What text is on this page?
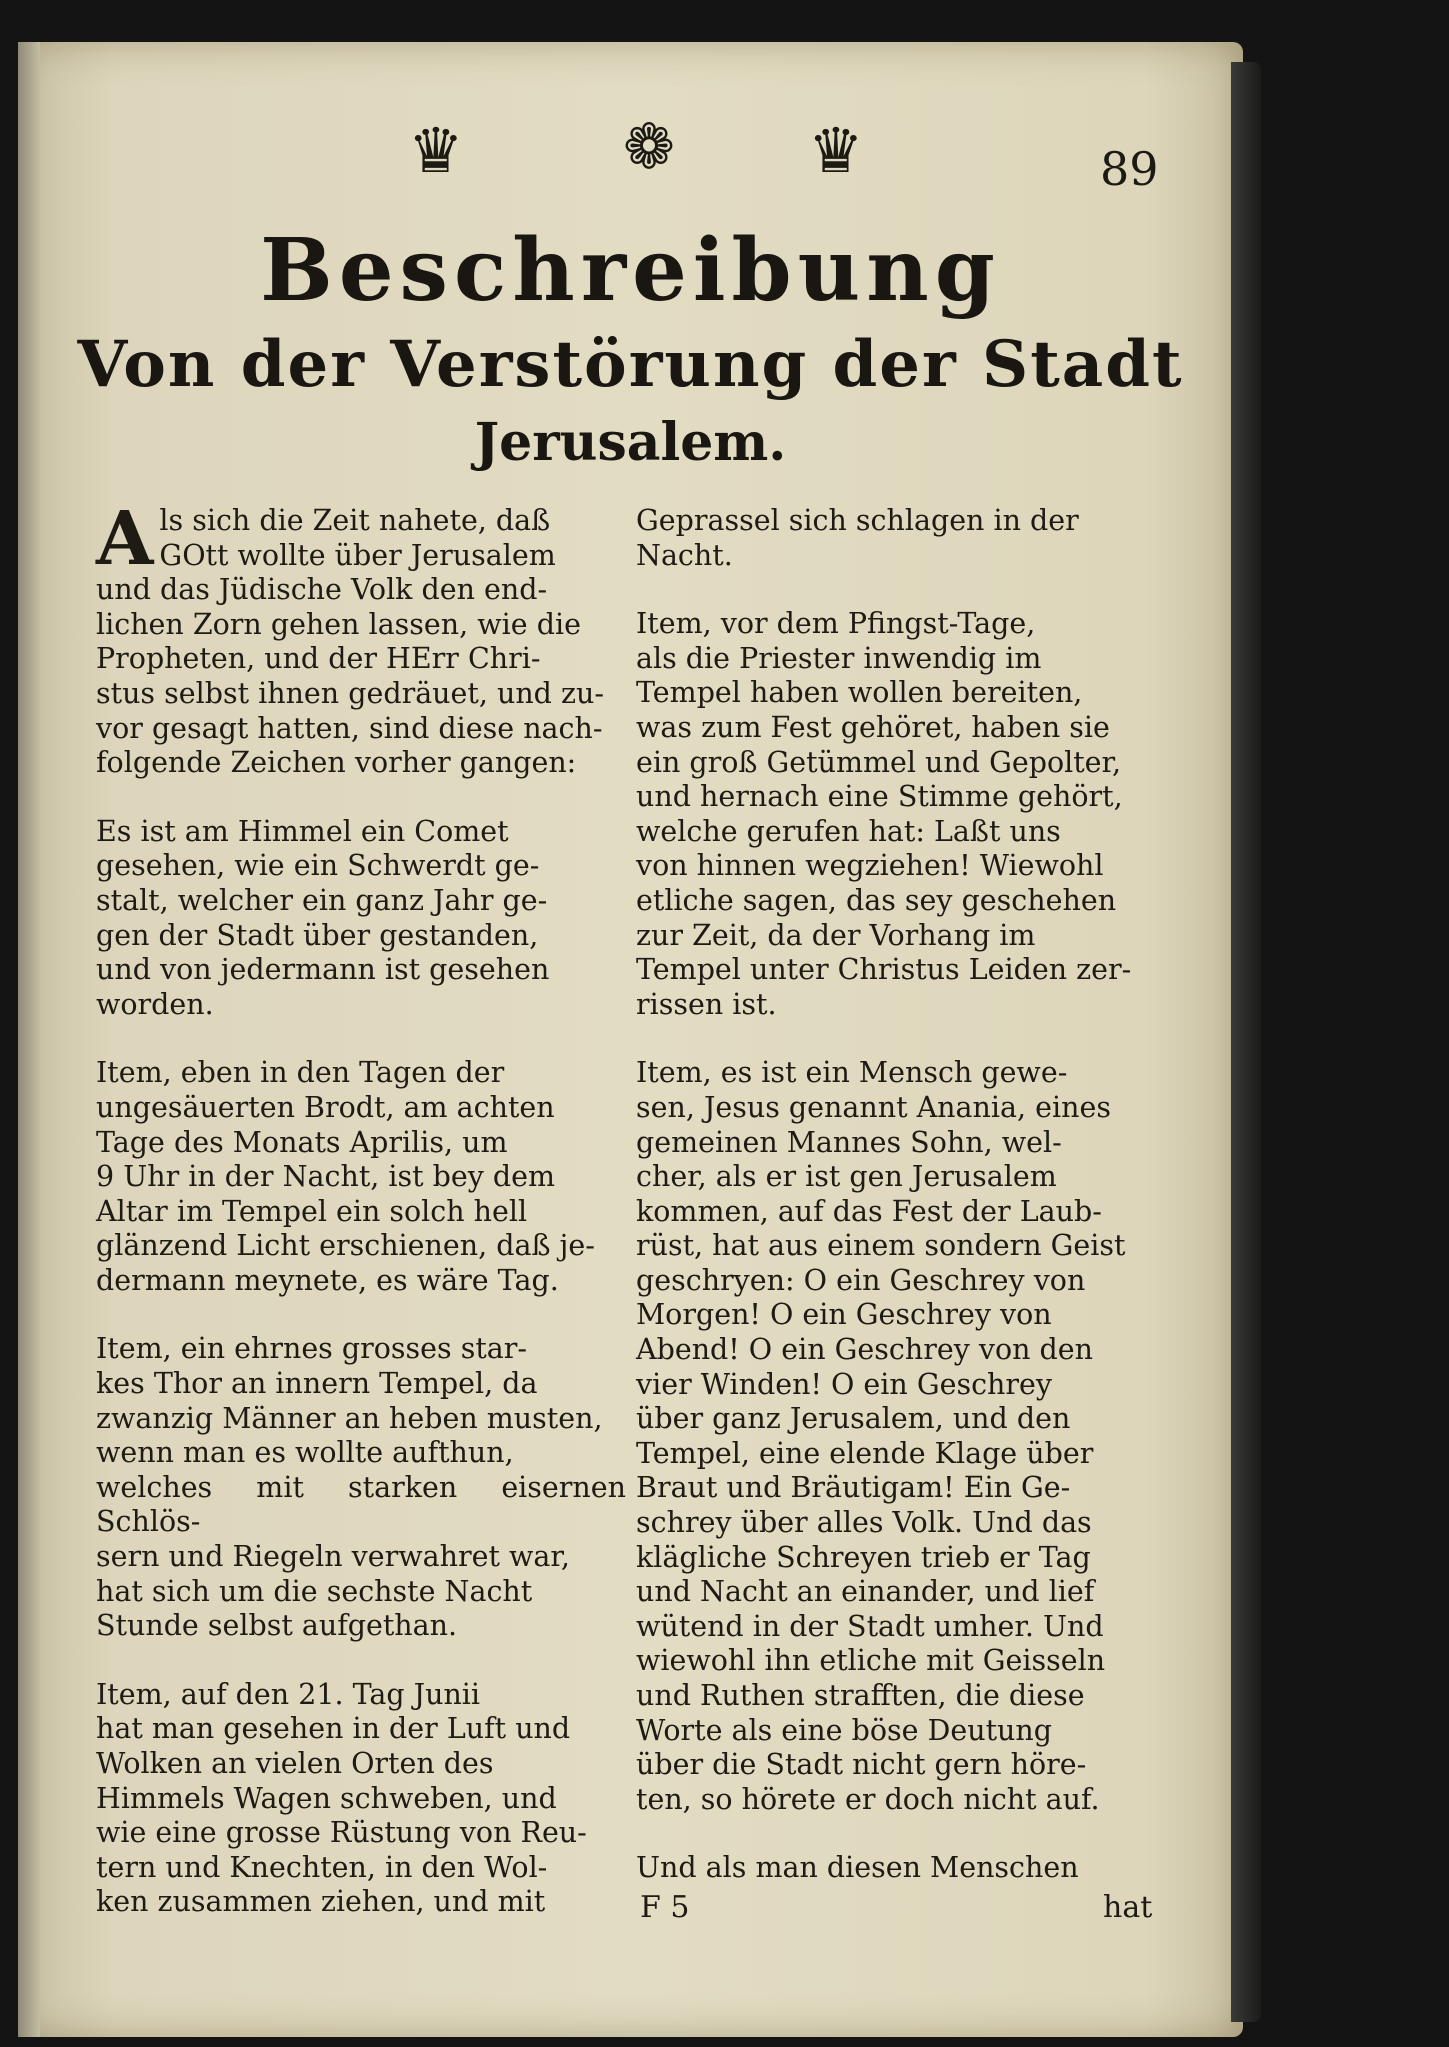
♛	❁ ♛	89
Beschreibung
Von der Verstörung der Stadt
Jerusalem.

Als sich die Zeit nahete, daß
GOtt wollte über Jerusalem
und das Jüdische Volk den end-
lichen Zorn gehen lassen, wie die
Propheten, und der HErr Chri-
stus selbst ihnen gedräuet, und zu-
vor gesagt hatten, sind diese nach-
folgende Zeichen vorher gangen:

Es ist am Himmel ein Comet
gesehen, wie ein Schwerdt ge-
stalt, welcher ein ganz Jahr ge-
gen der Stadt über gestanden,
und von jedermann ist gesehen
worden.

Item, eben in den Tagen der
ungesäuerten Brodt, am achten
Tage des Monats Aprilis, um
9 Uhr in der Nacht, ist bey dem
Altar im Tempel ein solch hell
glänzend Licht erschienen, daß je-
dermann meynete, es wäre Tag.

Item, ein ehrnes grosses star-
kes Thor an innern Tempel, da
zwanzig Männer an heben musten,
wenn man es wollte aufthun,
welches mit starken eisernen Schlös-
sern und Riegeln verwahret war,
hat sich um die sechste Nacht
Stunde selbst aufgethan.

Item, auf den 21. Tag Junii
hat man gesehen in der Luft und
Wolken an vielen Orten des
Himmels Wagen schweben, und
wie eine grosse Rüstung von Reu-
tern und Knechten, in den Wol-
ken zusammen ziehen, und mit

Geprassel sich schlagen in der
Nacht.

Item, vor dem Pfingst-Tage,
als die Priester inwendig im
Tempel haben wollen bereiten,
was zum Fest gehöret, haben sie
ein groß Getümmel und Gepolter,
und hernach eine Stimme gehört,
welche gerufen hat: Laßt uns
von hinnen wegziehen! Wiewohl
etliche sagen, das sey geschehen
zur Zeit, da der Vorhang im
Tempel unter Christus Leiden zer-
rissen ist.

Item, es ist ein Mensch gewe-
sen, Jesus genannt Anania, eines
gemeinen Mannes Sohn, wel-
cher, als er ist gen Jerusalem
kommen, auf das Fest der Laub-
rüst, hat aus einem sondern Geist
geschryen: O ein Geschrey von
Morgen! O ein Geschrey von
Abend! O ein Geschrey von den
vier Winden! O ein Geschrey
über ganz Jerusalem, und den
Tempel, eine elende Klage über
Braut und Bräutigam! Ein Ge-
schrey über alles Volk. Und das
klägliche Schreyen trieb er Tag
und Nacht an einander, und lief
wütend in der Stadt umher. Und
wiewohl ihn etliche mit Geisseln
und Ruthen strafften, die diese
Worte als eine böse Deutung
über die Stadt nicht gern höre-
ten, so hörete er doch nicht auf.

Und als man diesen Menschen

F 5	hat
